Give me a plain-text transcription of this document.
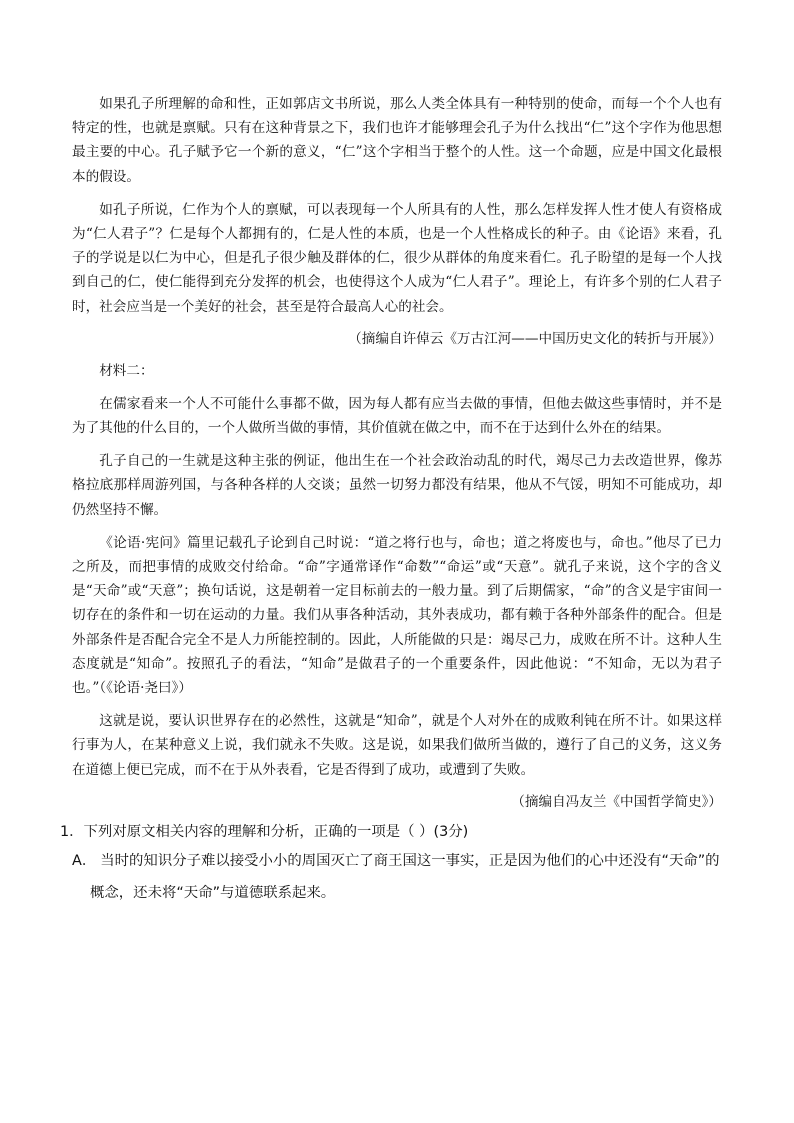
如果孔子所理解的命和性，正如郭店文书所说，那么人类全体具有一种特别的使命，而每一个个人也有特定的性，也就是禀赋。只有在这种背景之下，我们也许才能够理会孔子为什么找出“仁”这个字作为他思想最主要的中心。孔子赋予它一个新的意义，“仁”这个字相当于整个的人性。这一个命题，应是中国文化最根本的假设。

如孔子所说，仁作为个人的禀赋，可以表现每一个人所具有的人性，那么怎样发挥人性才使人有资格成为“仁人君子”？仁是每个人都拥有的，仁是人性的本质，也是一个人性格成长的种子。由《论语》来看，孔子的学说是以仁为中心，但是孔子很少触及群体的仁，很少从群体的角度来看仁。孔子盼望的是每一个人找到自己的仁，使仁能得到充分发挥的机会，也使得这个人成为“仁人君子”。理论上，有许多个别的仁人君子时，社会应当是一个美好的社会，甚至是符合最高人心的社会。

（摘编自许倬云《万古江河——中国历史文化的转折与开展》）

材料二：

在儒家看来一个人不可能什么事都不做，因为每人都有应当去做的事情，但他去做这些事情时，并不是为了其他的什么目的，一个人做所当做的事情，其价值就在做之中，而不在于达到什么外在的结果。

孔子自己的一生就是这种主张的例证，他出生在一个社会政治动乱的时代，竭尽己力去改造世界，像苏格拉底那样周游列国，与各种各样的人交谈；虽然一切努力都没有结果，他从不气馁，明知不可能成功，却仍然坚持不懈。

《论语·宪问》篇里记载孔子论到自己时说：“道之将行也与，命也；道之将废也与，命也。”他尽了已力之所及，而把事情的成败交付给命。“命”字通常译作“命数”“命运”或“天意”。就孔子来说，这个字的含义是“天命”或“天意”；换句话说，这是朝着一定目标前去的一般力量。到了后期儒家，“命”的含义是宇宙间一切存在的条件和一切在运动的力量。我们从事各种活动，其外表成功，都有赖于各种外部条件的配合。但是外部条件是否配合完全不是人力所能控制的。因此，人所能做的只是：竭尽己力，成败在所不计。这种人生态度就是“知命”。按照孔子的看法，“知命”是做君子的一个重要条件，因此他说：“不知命，无以为君子也。”（《论语·尧曰》）

这就是说，要认识世界存在的必然性，这就是“知命”，就是个人对外在的成败利钝在所不计。如果这样行事为人，在某种意义上说，我们就永不失败。这是说，如果我们做所当做的，遵行了自己的义务，这义务在道德上便已完成，而不在于从外表看，它是否得到了成功，或遭到了失败。

（摘编自冯友兰《中国哲学简史》）

1．下列对原文相关内容的理解和分析，正确的一项是（ ）(3分)

A． 当时的知识分子难以接受小小的周国灭亡了商王国这一事实，正是因为他们的心中还没有“天命”的概念，还未将“天命”与道德联系起来。
